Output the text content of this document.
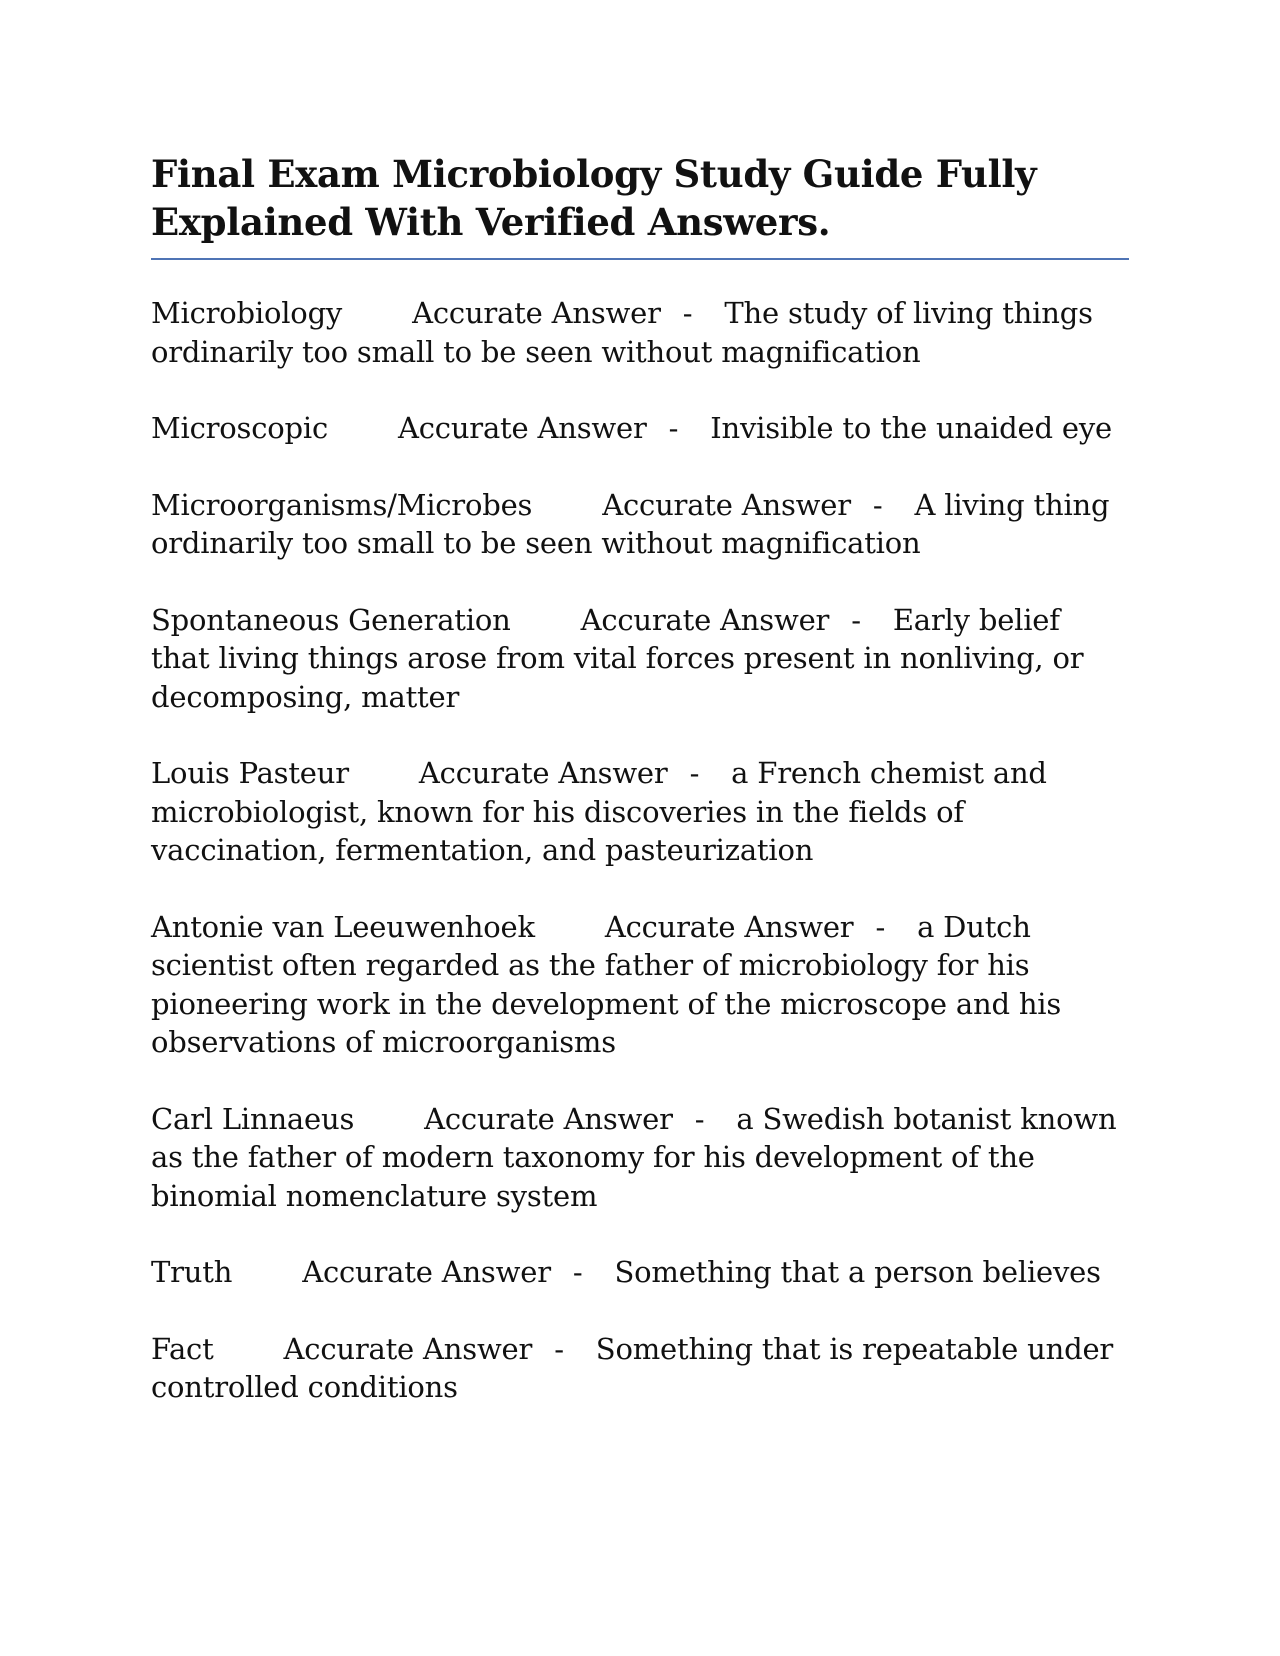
Final Exam Microbiology Study Guide Fully Explained With Verified Answers.

Microbiology Accurate Answer - The study of living things ordinarily too small to be seen without magnification

Microscopic Accurate Answer - Invisible to the unaided eye

Microorganisms/Microbes Accurate Answer - A living thing ordinarily too small to be seen without magnification

Spontaneous Generation Accurate Answer - Early belief that living things arose from vital forces present in nonliving, or decomposing, matter

Louis Pasteur Accurate Answer - a French chemist and microbiologist, known for his discoveries in the fields of vaccination, fermentation, and pasteurization

Antonie van Leeuwenhoek Accurate Answer - a Dutch scientist often regarded as the father of microbiology for his pioneering work in the development of the microscope and his observations of microorganisms

Carl Linnaeus Accurate Answer - a Swedish botanist known as the father of modern taxonomy for his development of the binomial nomenclature system

Truth Accurate Answer - Something that a person believes

Fact Accurate Answer - Something that is repeatable under controlled conditions
